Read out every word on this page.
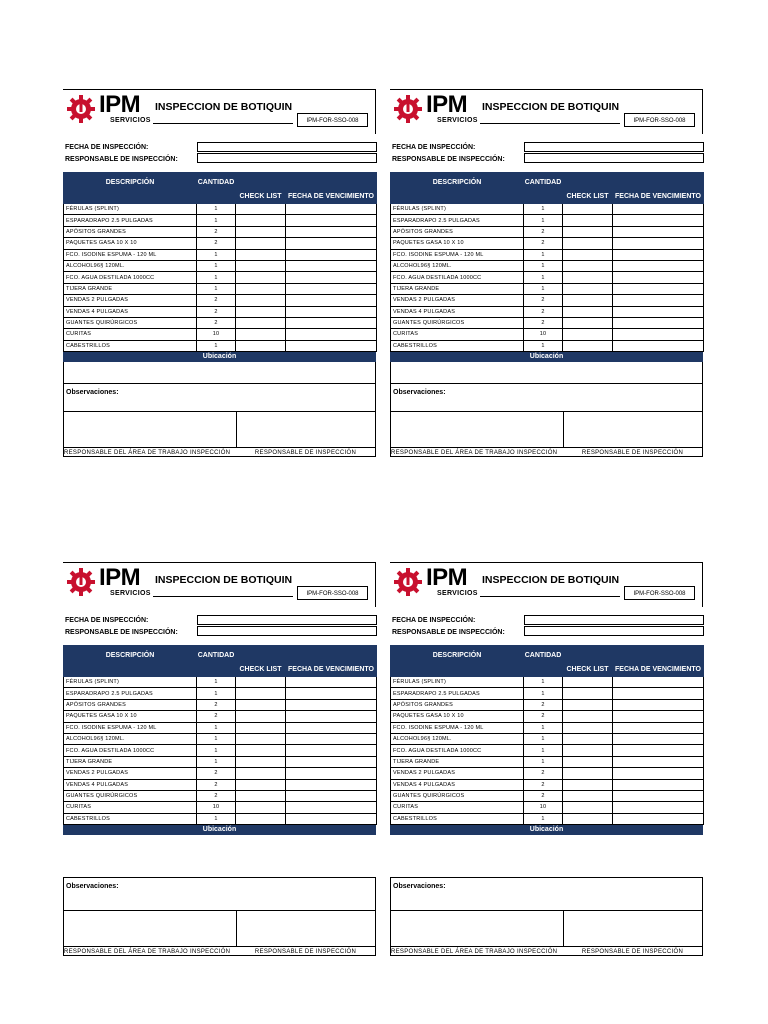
IPM
SERVICIOS
INSPECCION DE BOTIQUIN
IPM-FOR-SSO-008
FECHA DE INSPECCIÓN:
RESPONSABLE DE INSPECCIÓN:
DESCRIPCIÓN	CANTIDAD	CHECK LIST	FECHA DE VENCIMIENTO
FÉRULAS (SPLINT)	1		
ESPARADRAPO 2.5 PULGADAS	1		
APÓSITOS GRANDES	2		
PAQUETES GASA 10 X 10	2		
FCO. ISODINE ESPUMA - 120 ML	1		
ALCOHOL96§ 120ML.	1		
FCO. AGUA DESTILADA 1000CC	1		
TIJERA GRANDE	1		
VENDAS 2 PULGADAS	2		
VENDAS 4 PULGADAS	2		
GUANTES QUIRÚRGICOS	2		
CURITAS	10		
CABESTRILLOS	1		
Ubicación
Observaciones:
RESPONSABLE DEL ÁREA DE TRABAJO INSPECCIÓN	RESPONSABLE DE INSPECCIÓN
IPM
SERVICIOS
INSPECCION DE BOTIQUIN
IPM-FOR-SSO-008
FECHA DE INSPECCIÓN:
RESPONSABLE DE INSPECCIÓN:
DESCRIPCIÓN	CANTIDAD	CHECK LIST	FECHA DE VENCIMIENTO
FÉRULAS (SPLINT)	1		
ESPARADRAPO 2.5 PULGADAS	1		
APÓSITOS GRANDES	2		
PAQUETES GASA 10 X 10	2		
FCO. ISODINE ESPUMA - 120 ML	1		
ALCOHOL96§ 120ML.	1		
FCO. AGUA DESTILADA 1000CC	1		
TIJERA GRANDE	1		
VENDAS 2 PULGADAS	2		
VENDAS 4 PULGADAS	2		
GUANTES QUIRÚRGICOS	2		
CURITAS	10		
CABESTRILLOS	1		
Ubicación
Observaciones:
RESPONSABLE DEL ÁREA DE TRABAJO INSPECCIÓN	RESPONSABLE DE INSPECCIÓN
IPM
SERVICIOS
INSPECCION DE BOTIQUIN
IPM-FOR-SSO-008
FECHA DE INSPECCIÓN:
RESPONSABLE DE INSPECCIÓN:
DESCRIPCIÓN	CANTIDAD	CHECK LIST	FECHA DE VENCIMIENTO
FÉRULAS (SPLINT)	1		
ESPARADRAPO 2.5 PULGADAS	1		
APÓSITOS GRANDES	2		
PAQUETES GASA 10 X 10	2		
FCO. ISODINE ESPUMA - 120 ML	1		
ALCOHOL96§ 120ML.	1		
FCO. AGUA DESTILADA 1000CC	1		
TIJERA GRANDE	1		
VENDAS 2 PULGADAS	2		
VENDAS 4 PULGADAS	2		
GUANTES QUIRÚRGICOS	2		
CURITAS	10		
CABESTRILLOS	1		
Ubicación
Observaciones:
RESPONSABLE DEL ÁREA DE TRABAJO INSPECCIÓN	RESPONSABLE DE INSPECCIÓN
IPM
SERVICIOS
INSPECCION DE BOTIQUIN
IPM-FOR-SSO-008
FECHA DE INSPECCIÓN:
RESPONSABLE DE INSPECCIÓN:
DESCRIPCIÓN	CANTIDAD	CHECK LIST	FECHA DE VENCIMIENTO
FÉRULAS (SPLINT)	1		
ESPARADRAPO 2.5 PULGADAS	1		
APÓSITOS GRANDES	2		
PAQUETES GASA 10 X 10	2		
FCO. ISODINE ESPUMA - 120 ML	1		
ALCOHOL96§ 120ML.	1		
FCO. AGUA DESTILADA 1000CC	1		
TIJERA GRANDE	1		
VENDAS 2 PULGADAS	2		
VENDAS 4 PULGADAS	2		
GUANTES QUIRÚRGICOS	2		
CURITAS	10		
CABESTRILLOS	1		
Ubicación
Observaciones:
RESPONSABLE DEL ÁREA DE TRABAJO INSPECCIÓN	RESPONSABLE DE INSPECCIÓN
